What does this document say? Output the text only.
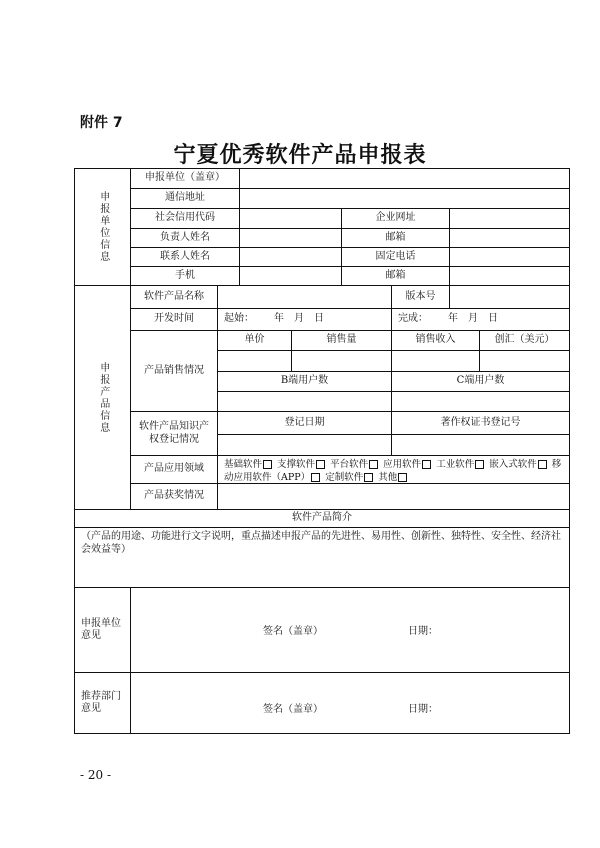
附件 7
宁夏优秀软件产品申报表
申报单位信息
申报单位（盖章）
通信地址
社会信用代码	企业网址
负责人姓名	邮箱
联系人姓名	固定电话
手机	邮箱
申报产品信息
软件产品名称	版本号
开发时间	起始： 年　月　日	完成： 年　月　日
产品销售情况
单价	销售量	销售收入	创汇（美元）
B端用户数	C端用户数
软件产品知识产权登记情况
登记日期	著作权证书登记号
产品应用领域	基础软件 支撑软件 平台软件 应用软件 工业软件 嵌入式软件 移动应用软件（APP） 定制软件 其他
产品获奖情况
软件产品简介
（产品的用途、功能进行文字说明，重点描述申报产品的先进性、易用性、创新性、独特性、安全性、经济社会效益等）
申报单位意见	签名（盖章）	日期：
推荐部门意见	签名（盖章）	日期：
- 20 -
